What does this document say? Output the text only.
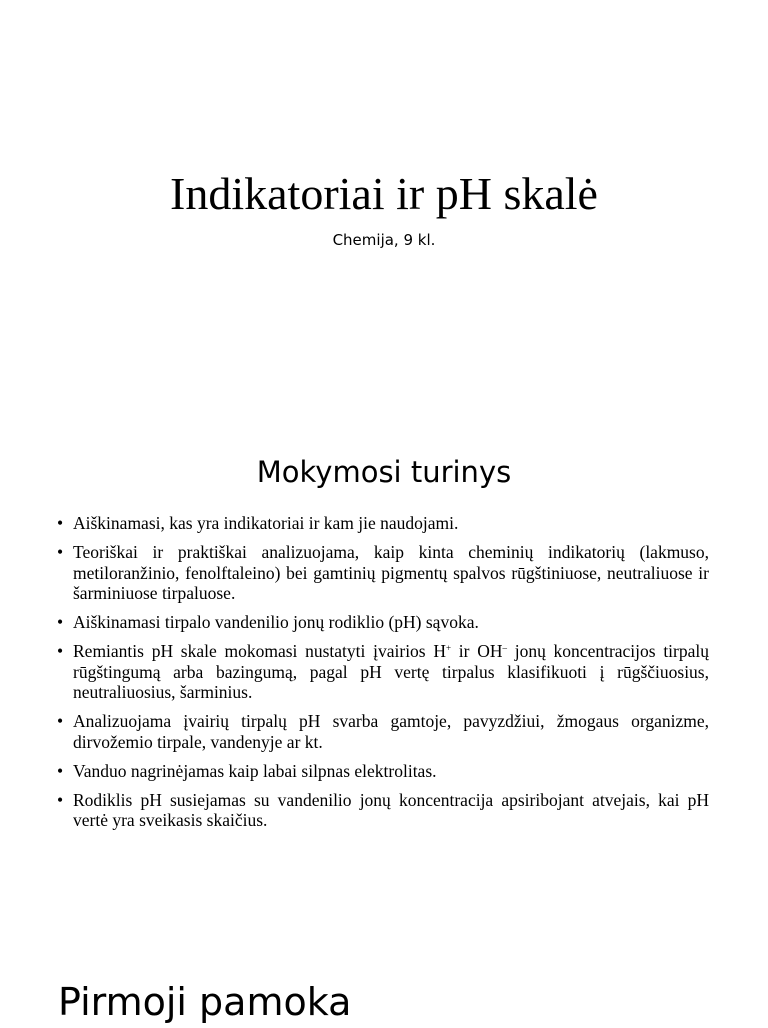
Indikatoriai ir pH skalė

Chemija, 9 kl.

Mokymosi turinys
• Aiškinamasi, kas yra indikatoriai ir kam jie naudojami.
• Teoriškai ir praktiškai analizuojama, kaip kinta cheminių indikatorių (lakmuso, metiloranžinio, fenolftaleino) bei gamtinių pigmentų spalvos rūgštiniuose, neutraliuose ir šarminiuose tirpaluose.
• Aiškinamasi tirpalo vandenilio jonų rodiklio (pH) sąvoka.
• Remiantis pH skale mokomasi nustatyti įvairios H+ ir OH– jonų koncentracijos tirpalų rūgštingumą arba bazingumą, pagal pH vertę tirpalus klasifikuoti į rūgščiuosius, neutraliuosius, šarminius.
• Analizuojama įvairių tirpalų pH svarba gamtoje, pavyzdžiui, žmogaus organizme, dirvožemio tirpale, vandenyje ar kt.
• Vanduo nagrinėjamas kaip labai silpnas elektrolitas.
• Rodiklis pH susiejamas su vandenilio jonų koncentracija apsiribojant atvejais, kai pH vertė yra sveikasis skaičius.
Pirmoji pamoka
